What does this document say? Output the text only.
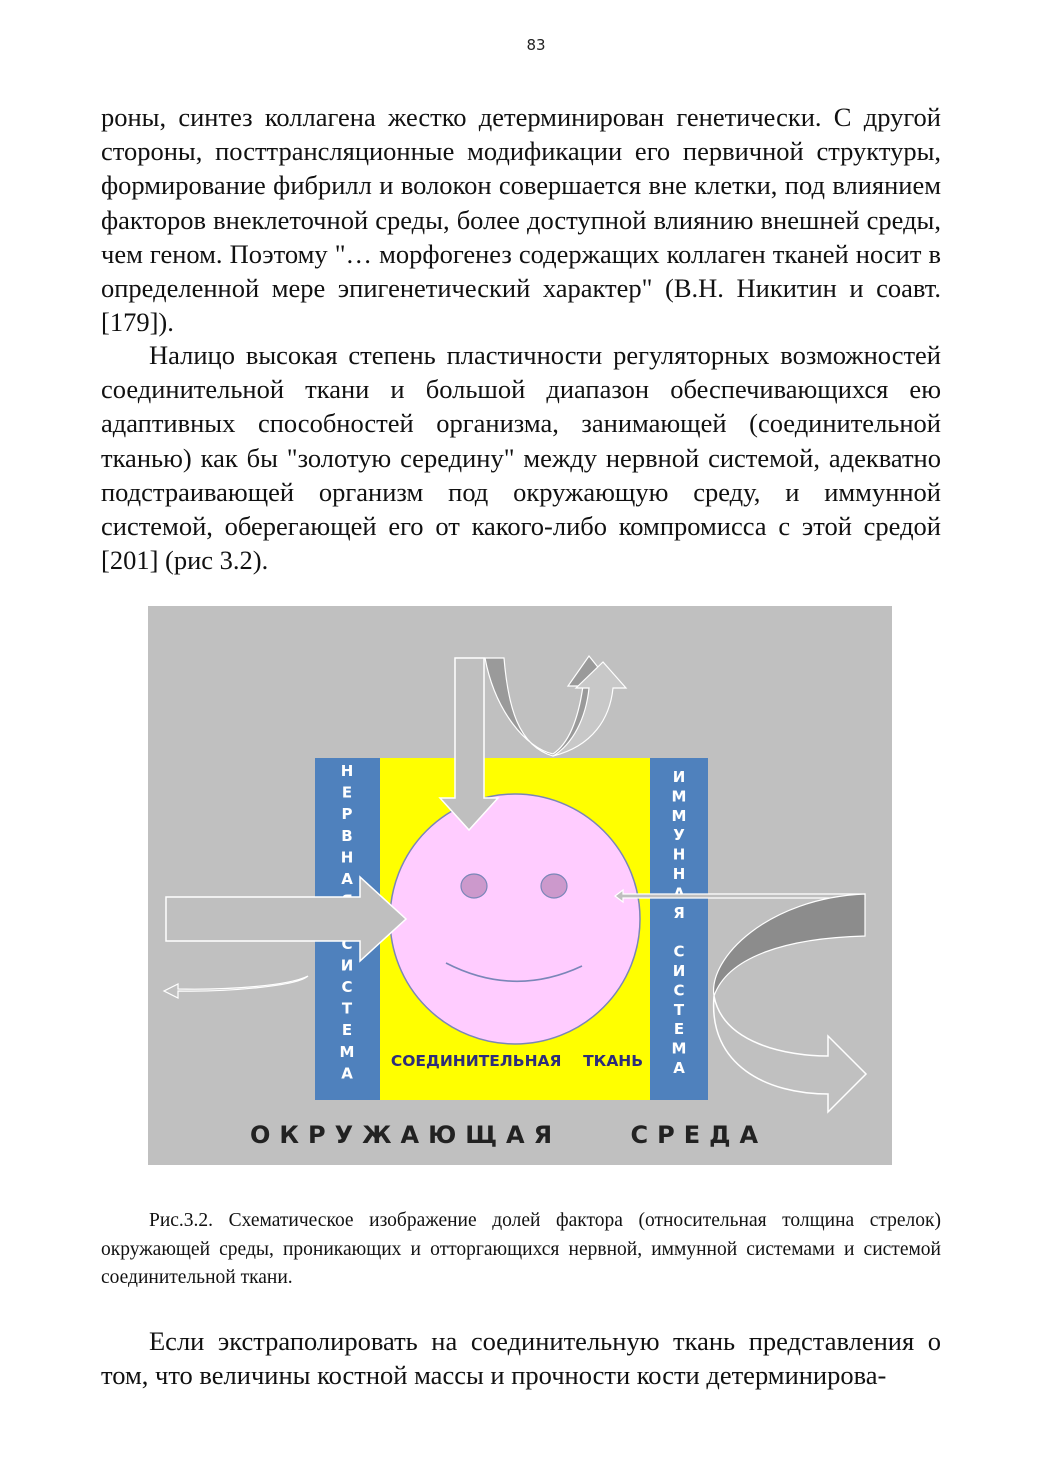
83

роны, синтез коллагена жестко детерминирован генетически. С другой стороны, посттрансляционные модификации его первичной структуры, формирование фибрилл и волокон совершается вне клетки, под влиянием факторов внеклеточной среды, более доступной влиянию внешней среды, чем геном. Поэтому "… морфогенез содержащих коллаген тканей носит в определенной мере эпигенетический характер" (В.Н. Никитин и соавт. [179]).

Налицо высокая степень пластичности регуляторных возможностей соединительной ткани и большой диапазон обеспечивающихся ею адаптивных способностей организма, занимающей (соединительной тканью) как бы "золотую середину" между нервной системой, адекватно подстраивающей организм под окружающую среду, и иммунной системой, оберегающей его от какого-либо компромисса с этой средой [201] (рис 3.2).

Н
Е
Р
В
Н
А
С
И
С
Т
Е
М
А
И
М
М
У
Н
Н
Я
С
И
С
Т
Е
М
А
СОЕДИНИТЕЛЬНАЯ    ТКАНЬ
ОКРУЖАЮЩАЯ    СРЕДА

Рис.3.2. Схематическое изображение долей фактора (относительная толщина стрелок) окружающей среды, проникающих и отторгающихся нервной, иммунной системами и системой соединительной ткани.

Если экстраполировать на соединительную ткань представления о том, что величины костной массы и прочности кости детерминирова-
